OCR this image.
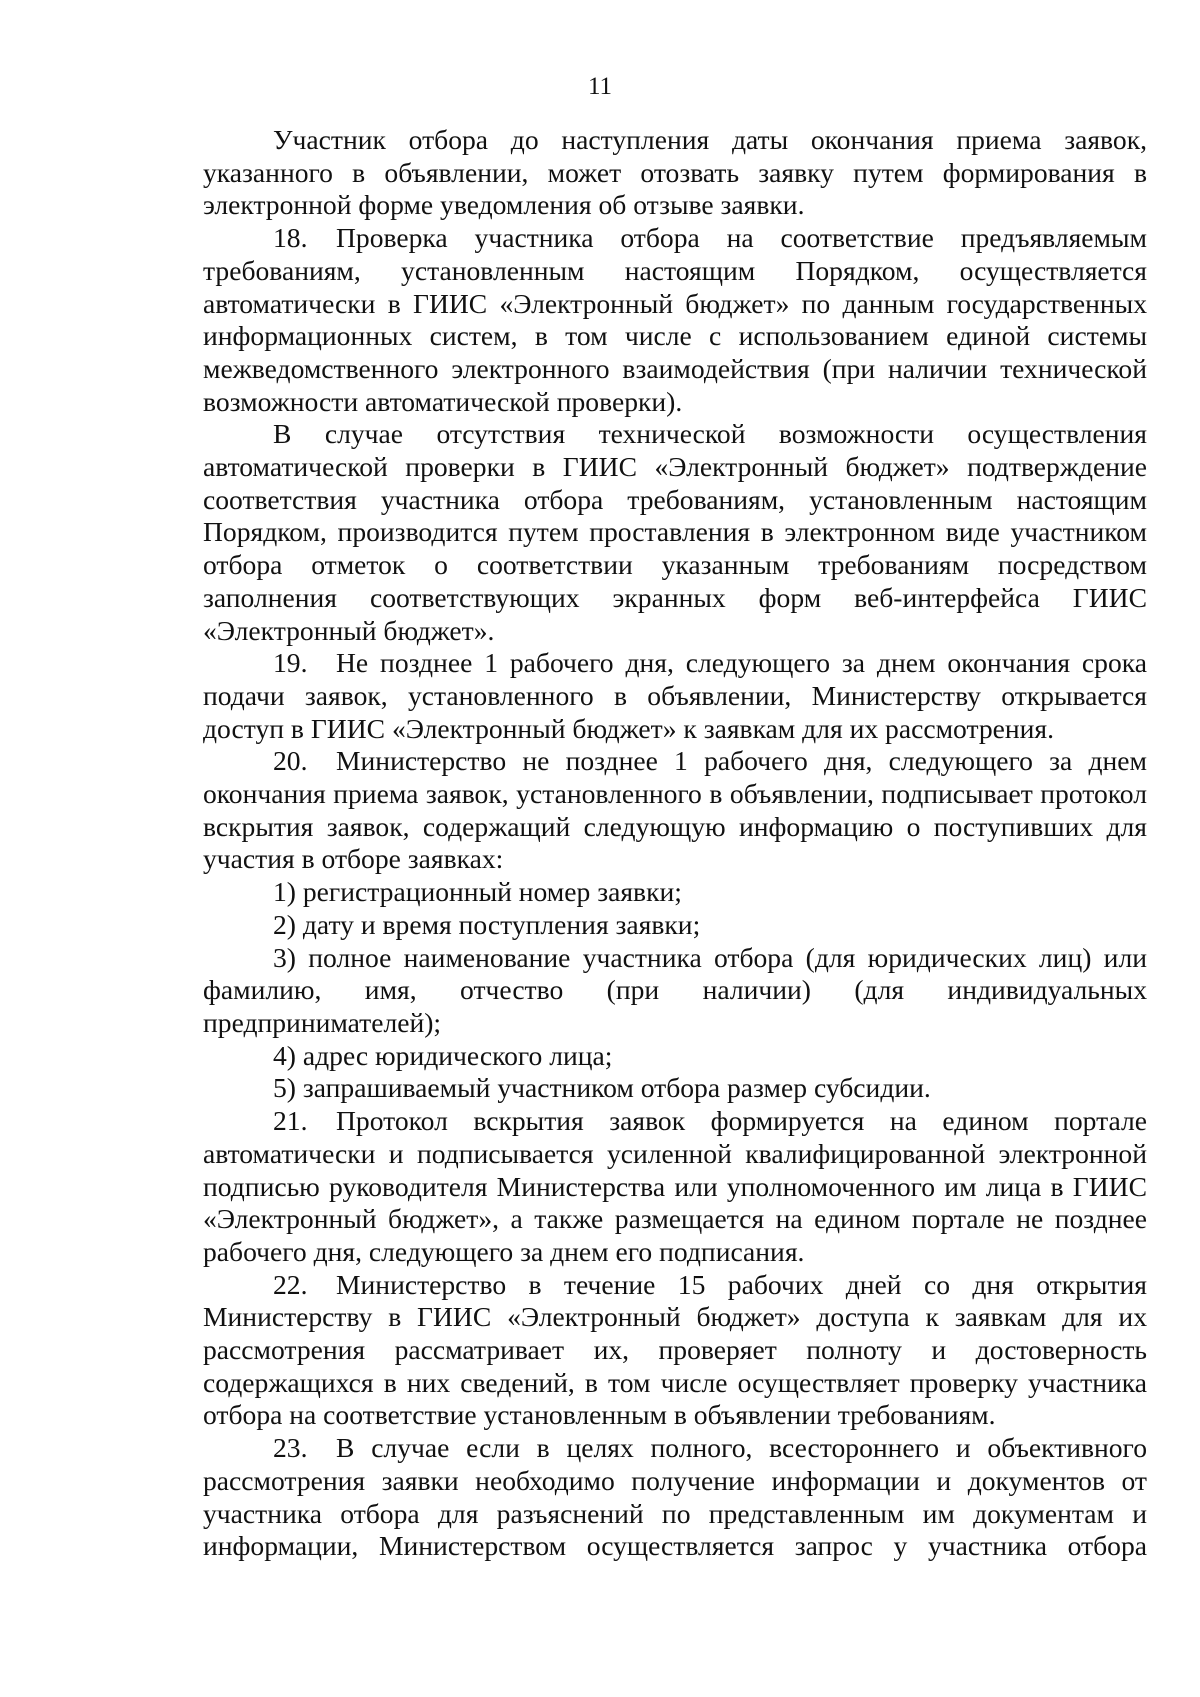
11

Участник отбора до наступления даты окончания приема заявок, указанного в объявлении, может отозвать заявку путем формирования в электронной форме уведомления об отзыве заявки.

18. Проверка участника отбора на соответствие предъявляемым требованиям, установленным настоящим Порядком, осуществляется автоматически в ГИИС «Электронный бюджет» по данным государственных информационных систем, в том числе с использованием единой системы межведомственного электронного взаимодействия (при наличии технической возможности автоматической проверки).

В случае отсутствия технической возможности осуществления автоматической проверки в ГИИС «Электронный бюджет» подтверждение соответствия участника отбора требованиям, установленным настоящим Порядком, производится путем проставления в электронном виде участником отбора отметок о соответствии указанным требованиям посредством заполнения соответствующих экранных форм веб-интерфейса ГИИС «Электронный бюджет».

19. Не позднее 1 рабочего дня, следующего за днем окончания срока подачи заявок, установленного в объявлении, Министерству открывается доступ в ГИИС «Электронный бюджет» к заявкам для их рассмотрения.

20. Министерство не позднее 1 рабочего дня, следующего за днем окончания приема заявок, установленного в объявлении, подписывает протокол вскрытия заявок, содержащий следующую информацию о поступивших для участия в отборе заявках:

1) регистрационный номер заявки;

2) дату и время поступления заявки;

3) полное наименование участника отбора (для юридических лиц) или фамилию, имя, отчество (при наличии) (для индивидуальных предпринимателей);

4) адрес юридического лица;

5) запрашиваемый участником отбора размер субсидии.

21. Протокол вскрытия заявок формируется на едином портале автоматически и подписывается усиленной квалифицированной электронной подписью руководителя Министерства или уполномоченного им лица в ГИИС «Электронный бюджет», а также размещается на едином портале не позднее рабочего дня, следующего за днем его подписания.

22. Министерство в течение 15 рабочих дней со дня открытия Министерству в ГИИС «Электронный бюджет» доступа к заявкам для их рассмотрения рассматривает их, проверяет полноту и достоверность содержащихся в них сведений, в том числе осуществляет проверку участника отбора на соответствие установленным в объявлении требованиям.

23. В случае если в целях полного, всестороннего и объективного рассмотрения заявки необходимо получение информации и документов от участника отбора для разъяснений по представленным им документам и информации, Министерством осуществляется запрос у участника отбора
